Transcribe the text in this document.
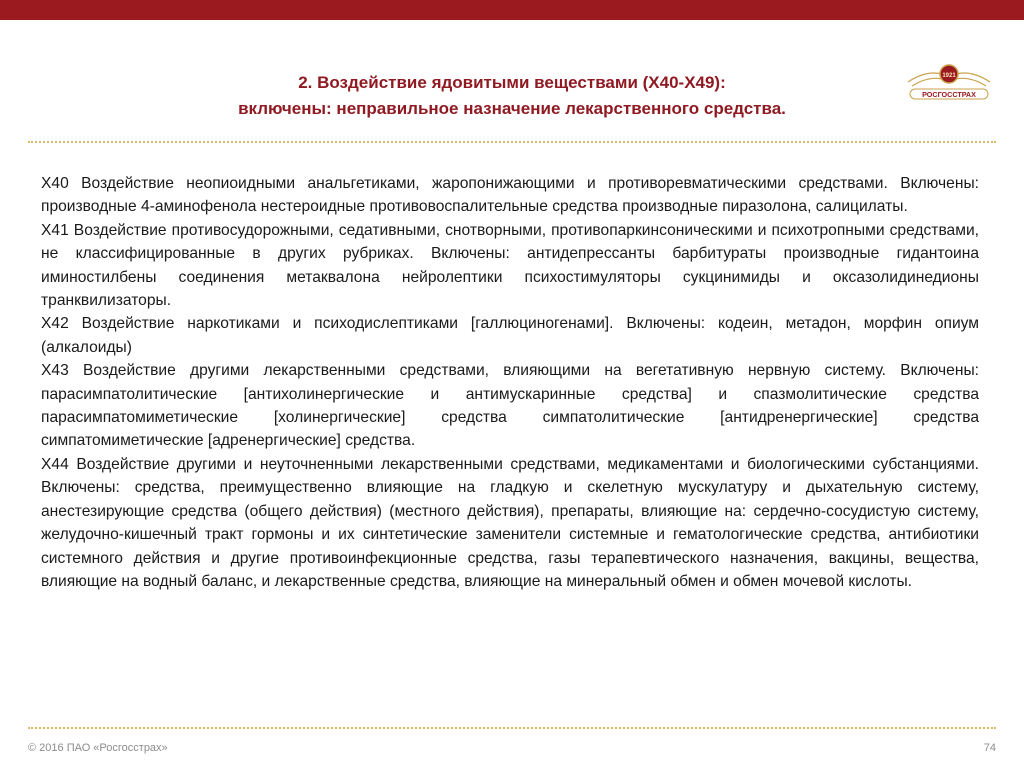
2. Воздействие ядовитыми веществами (X40-X49):
включены: неправильное назначение лекарственного средства.
1921
РОСГОССТРАХ

X40 Воздействие неопиоидными анальгетиками, жаропонижающими и противоревматическими средствами. Включены: производные 4-аминофенола нестероидные противовоспалительные средства производные пиразолона, салицилаты.

X41 Воздействие противосудорожными, седативными, снотворными, противопаркинсоническими и психотропными средствами, не классифицированные в других рубриках. Включены: антидепрессанты барбитураты производные гидантоина иминостилбены соединения метаквалона нейролептики психостимуляторы сукцинимиды и оксазолидинедионы транквилизаторы.

X42 Воздействие наркотиками и психодислептиками [галлюциногенами]. Включены: кодеин, метадон, морфин опиум (алкалоиды)

X43 Воздействие другими лекарственными средствами, влияющими на вегетативную нервную систему. Включены: парасимпатолитические [антихолинергические и антимускаринные средства] и спазмолитические средства парасимпатомиметические [холинергические] средства симпатолитические [антидренергические] средства симпатомиметические [адренергические] средства.

X44 Воздействие другими и неуточненными лекарственными средствами, медикаментами и биологическими субстанциями. Включены: средства, преимущественно влияющие на гладкую и скелетную мускулатуру и дыхательную систему, анестезирующие средства (общего действия) (местного действия), препараты, влияющие на: сердечно-сосудистую систему, желудочно-кишечный тракт гормоны и их синтетические заменители системные и гематологические средства, антибиотики системного действия и другие противоинфекционные средства, газы терапевтического назначения, вакцины, вещества, влияющие на водный баланс, и лекарственные средства, влияющие на минеральный обмен и обмен мочевой кислоты.

© 2016 ПАО «Росгосстрах»	74
